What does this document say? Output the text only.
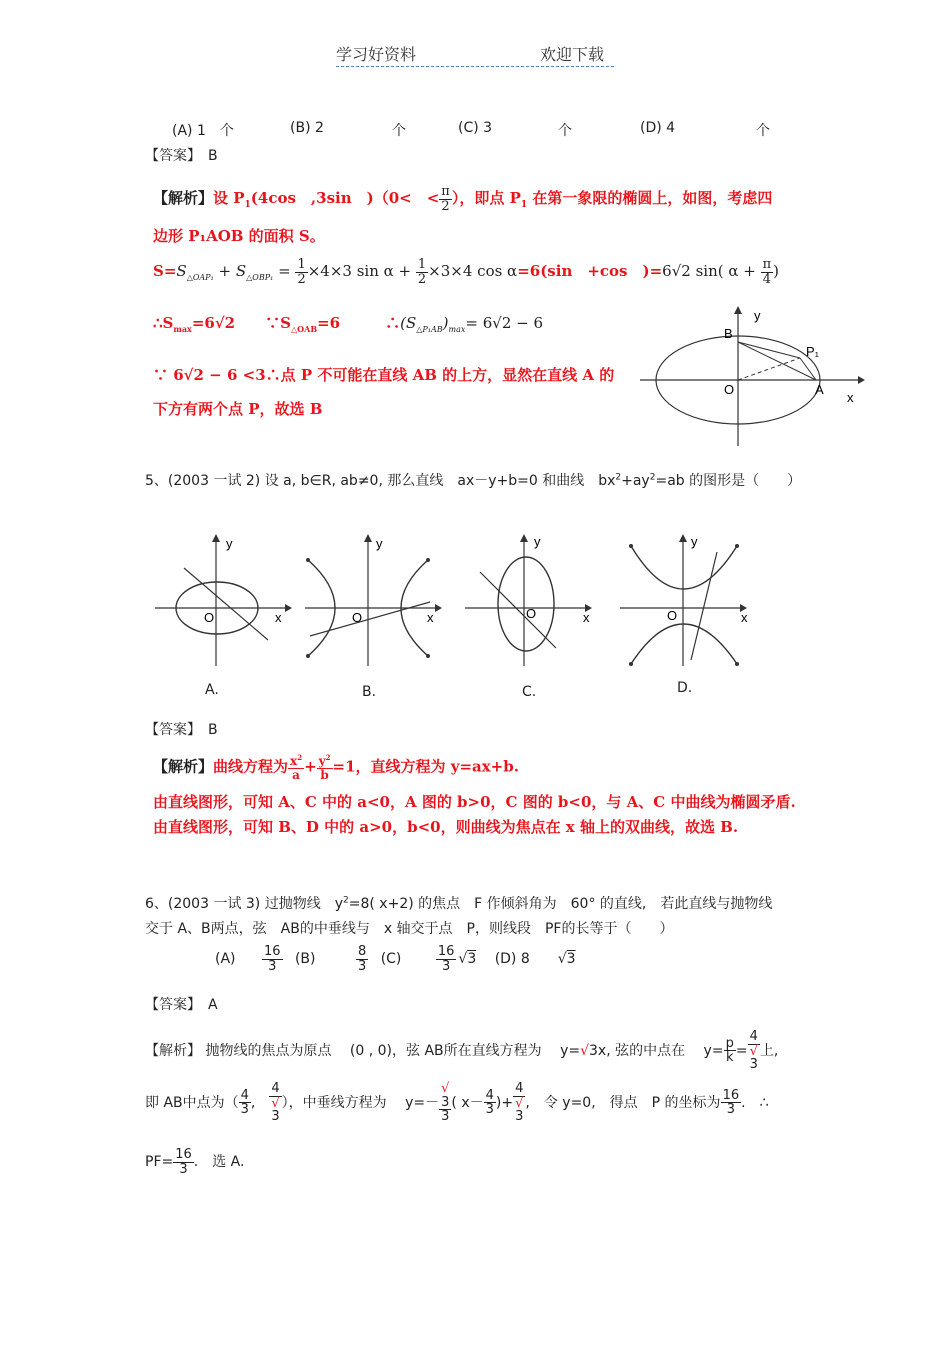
学习好资料	欢迎下载
(A) 1　 个	(B) 2	个	(C) 3	个	(D) 4	个
【答案】　 B
【解析】设 $P_1(4\cos$　,3sin　)（0<　< $\frac{\pi}{2}$ ），即点 $P_1$ 在第一象限的椭圆上，如图，考虑四
边形 P₁AOB 的面积 S。
$S=S_{\triangle OAP_1} + S_{\triangle OBP_1} = \frac{1}{2} \times 4\times 3$ $\sin \alpha + \frac{1}{2} \times 3\times 4$ cos α=6(sin　+cos　)=6√2 sin( $\alpha + \frac{\pi}{4}$ )
$\therefore S_{max}=6√2$　　 $\because S_{\triangle OAB}=6$　　　	$\therefore(S_{\triangle P_1AB})_{max}= 6√2 - 6$
∵ 6√2 − 6 <3∴点 P 不可能在直线 AB 的上方，显然在直线 A 的
下方有两个点 P，故选 B
y
x
B
P₁
O	A
5、(2003 一试 2) 设 a, b∈R, ab≠0, 那么直线　ax－y+b=0 和曲线　$bx^2+ay^2=ab$ 的图形是（　　）
y
x
O
A.
y
x
O
B.
y
x
O
C.
y
x
O
D.
【答案】　 B
【解析】曲线方程为 $\frac{x^2}{a} + \frac{y^2}{b} =1$，直线方程为 y=ax+b.
由直线图形，可知 A、C 中的 a<0，A 图的 b>0，C 图的 b<0，与 A、C 中曲线为椭圆矛盾.
由直线图形，可知 B、D 中的 a>0，b<0，则曲线为焦点在 x 轴上的双曲线，故选 B.
6、(2003 一试 3) 过抛物线　$y^2=8$( x+2) 的焦点　F 作倾斜角为　60° 的直线,　若此直线与抛物线
交于 A、B两点，弦　AB的中垂线与　x 轴交于点　P，则线段　PF的长等于（　　）
(A)　 $\frac{16}{3} (B)$　　	$\frac{8}{3} (C)$　　	$\frac{16}{3} √3$　 (D) 8　　√3
【答案】　 A
【解析】 抛物线的焦点为原点　 (0 , 0)，弦 AB所在直线方程为　 y=√3x, 弦的中点在　 $y= \frac{p}{k} = 4$
√
3 上,
即 AB中点为（ $\frac{4}{3}$ ,　 4
√
3 ），中垂线方程为　 y=－ √
3
3 ( $x- \frac{4}{3}$ )+ 4
√
3 ,　令 y=0,　得点　P 的坐标为 $\frac{16}{3}$ .　∴
$PF= \frac{16}{3}$ .　选 A.
